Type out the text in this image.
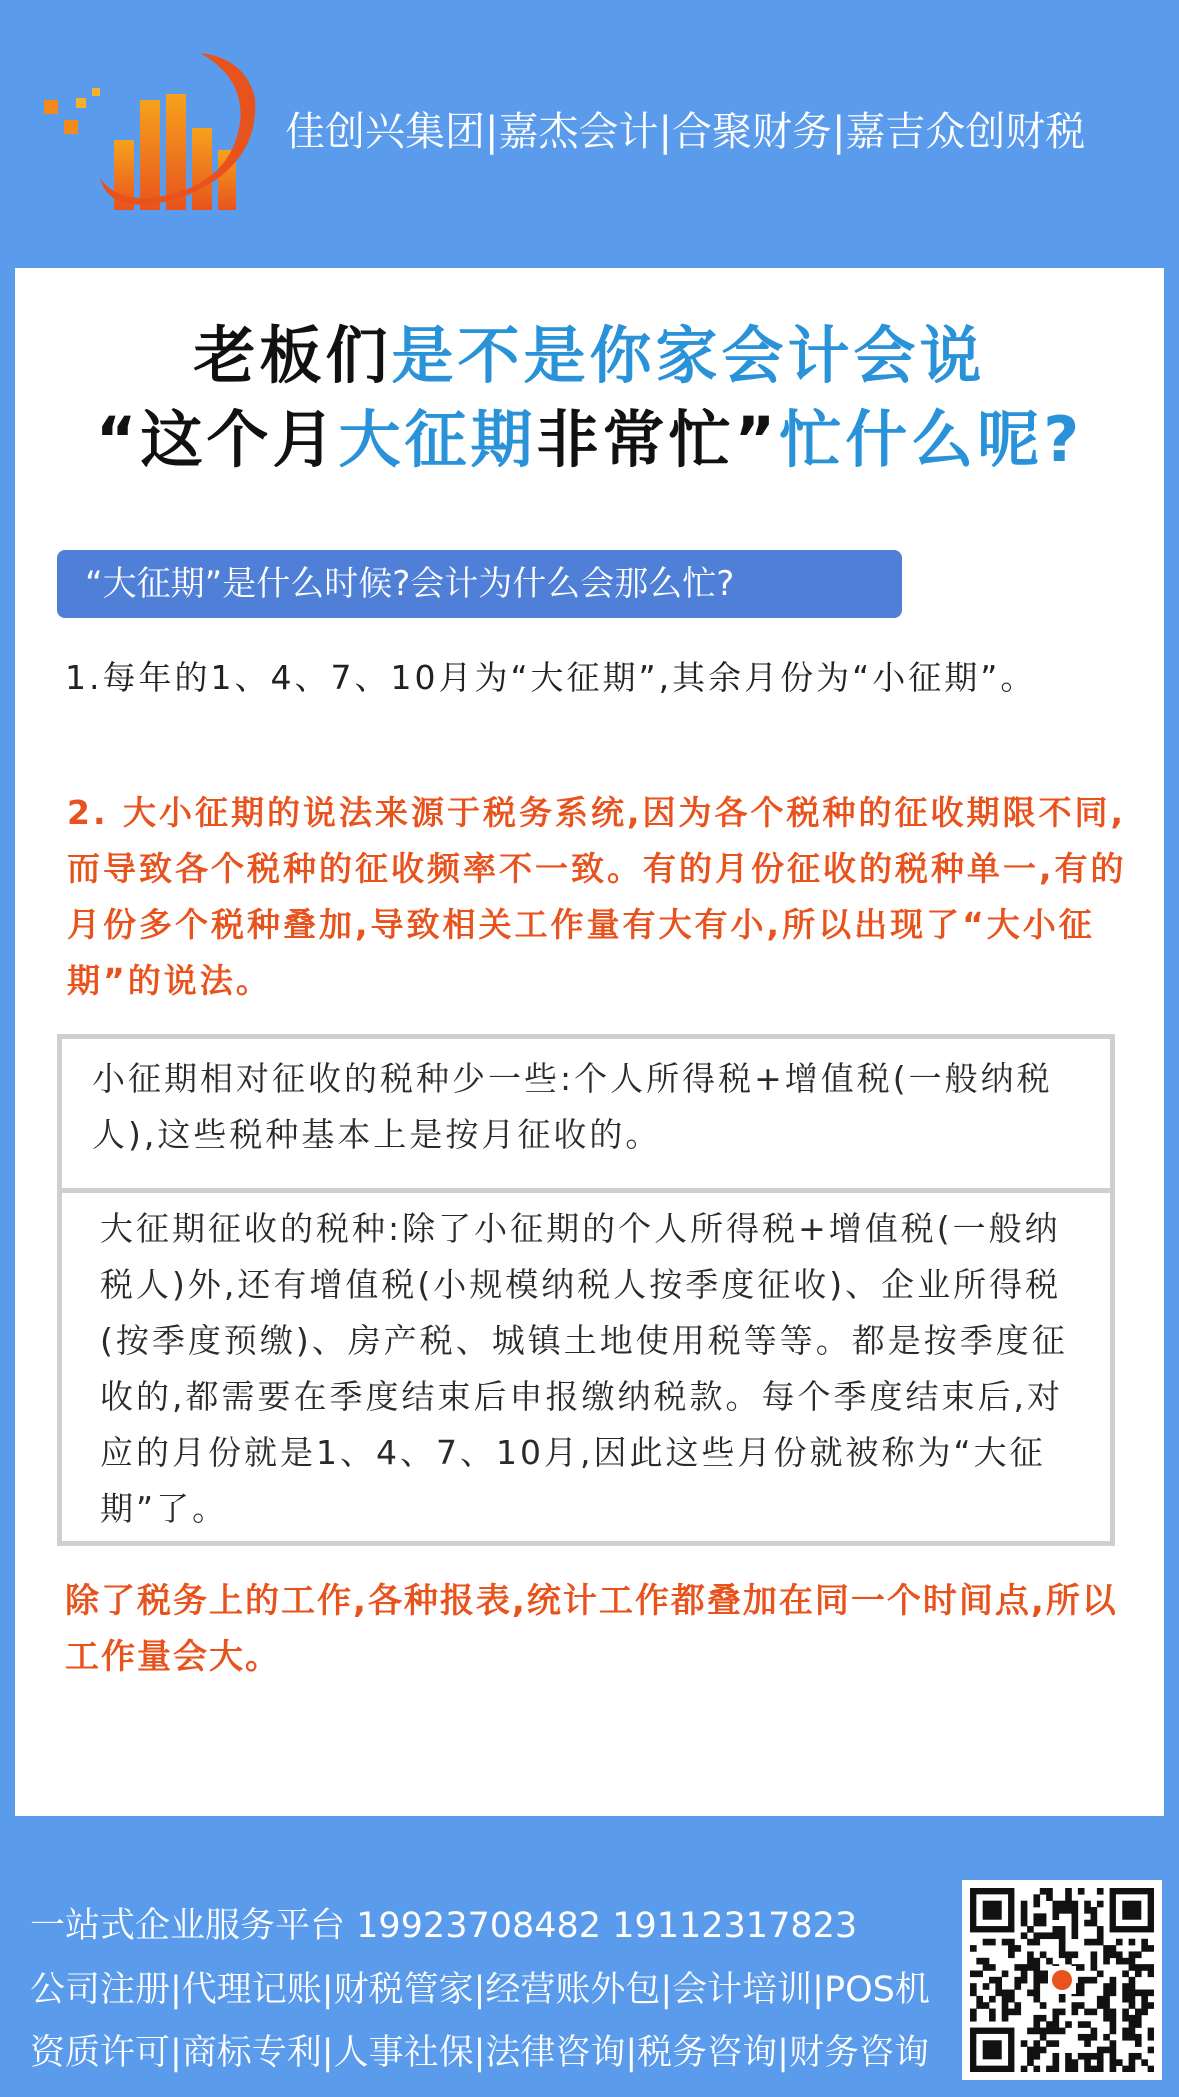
佳创兴集团|嘉杰会计|合聚财务|嘉吉众创财税
老板们是不是你家会计会说
“这个月大征期非常忙”忙什么呢?
“大征期”是什么时候?会计为什么会那么忙?
1.每年的1、4、7、10月为“大征期”,其余月份为“小征期”。
2. 大小征期的说法来源于税务系统,因为各个税种的征收期限不同,而导致各个税种的征收频率不一致。有的月份征收的税种单一,有的月份多个税种叠加,导致相关工作量有大有小,所以出现了“大小征期”的说法。
小征期相对征收的税种少一些:个人所得税+增值税(一般纳税人),这些税种基本上是按月征收的。
大征期征收的税种:除了小征期的个人所得税+增值税(一般纳税人)外,还有增值税(小规模纳税人按季度征收)、企业所得税(按季度预缴)、房产税、城镇土地使用税等等。都是按季度征收的,都需要在季度结束后申报缴纳税款。每个季度结束后,对应的月份就是1、4、7、10月,因此这些月份就被称为“大征期”了。
除了税务上的工作,各种报表,统计工作都叠加在同一个时间点,所以工作量会大。
一站式企业服务平台 19923708482 19112317823
公司注册|代理记账|财税管家|经营账外包|会计培训|POS机
资质许可|商标专利|人事社保|法律咨询|税务咨询|财务咨询
